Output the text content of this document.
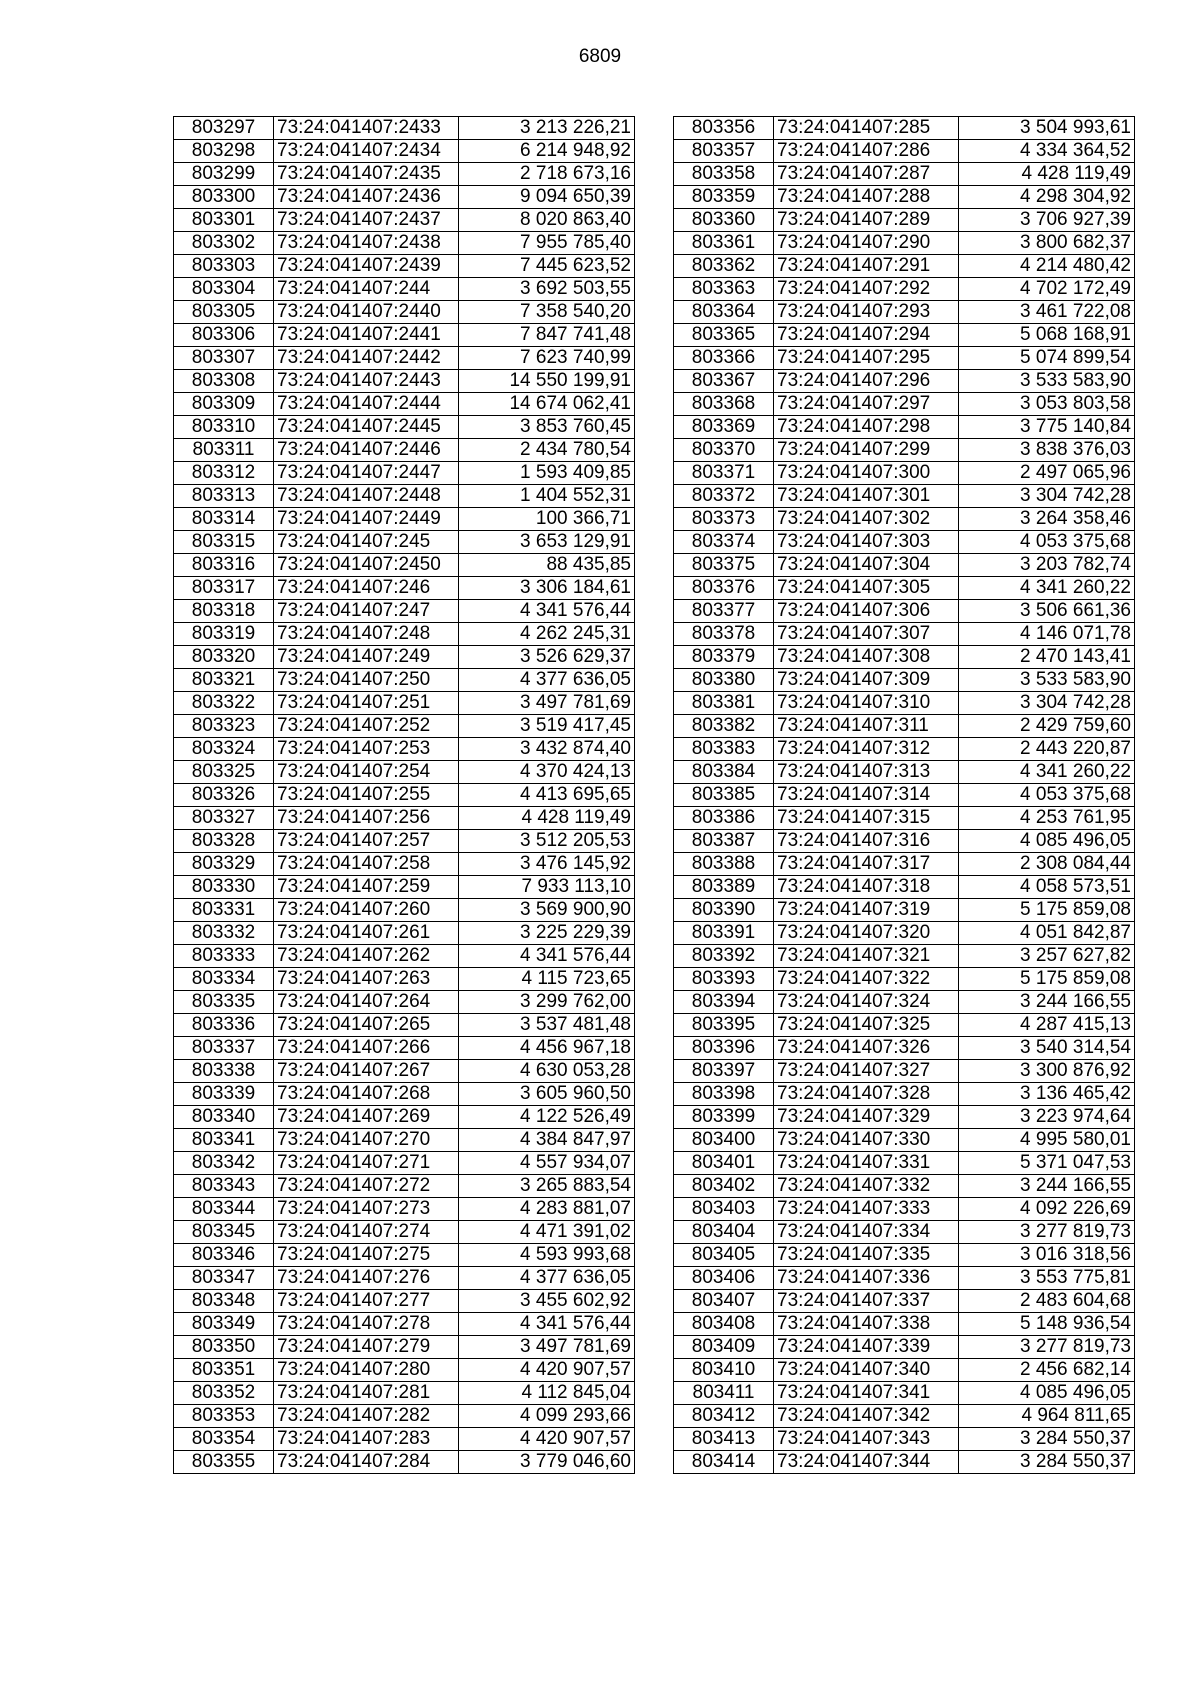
6809
803297	73:24:041407:2433	3 213 226,21
803298	73:24:041407:2434	6 214 948,92
803299	73:24:041407:2435	2 718 673,16
803300	73:24:041407:2436	9 094 650,39
803301	73:24:041407:2437	8 020 863,40
803302	73:24:041407:2438	7 955 785,40
803303	73:24:041407:2439	7 445 623,52
803304	73:24:041407:244	3 692 503,55
803305	73:24:041407:2440	7 358 540,20
803306	73:24:041407:2441	7 847 741,48
803307	73:24:041407:2442	7 623 740,99
803308	73:24:041407:2443	14 550 199,91
803309	73:24:041407:2444	14 674 062,41
803310	73:24:041407:2445	3 853 760,45
803311	73:24:041407:2446	2 434 780,54
803312	73:24:041407:2447	1 593 409,85
803313	73:24:041407:2448	1 404 552,31
803314	73:24:041407:2449	100 366,71
803315	73:24:041407:245	3 653 129,91
803316	73:24:041407:2450	88 435,85
803317	73:24:041407:246	3 306 184,61
803318	73:24:041407:247	4 341 576,44
803319	73:24:041407:248	4 262 245,31
803320	73:24:041407:249	3 526 629,37
803321	73:24:041407:250	4 377 636,05
803322	73:24:041407:251	3 497 781,69
803323	73:24:041407:252	3 519 417,45
803324	73:24:041407:253	3 432 874,40
803325	73:24:041407:254	4 370 424,13
803326	73:24:041407:255	4 413 695,65
803327	73:24:041407:256	4 428 119,49
803328	73:24:041407:257	3 512 205,53
803329	73:24:041407:258	3 476 145,92
803330	73:24:041407:259	7 933 113,10
803331	73:24:041407:260	3 569 900,90
803332	73:24:041407:261	3 225 229,39
803333	73:24:041407:262	4 341 576,44
803334	73:24:041407:263	4 115 723,65
803335	73:24:041407:264	3 299 762,00
803336	73:24:041407:265	3 537 481,48
803337	73:24:041407:266	4 456 967,18
803338	73:24:041407:267	4 630 053,28
803339	73:24:041407:268	3 605 960,50
803340	73:24:041407:269	4 122 526,49
803341	73:24:041407:270	4 384 847,97
803342	73:24:041407:271	4 557 934,07
803343	73:24:041407:272	3 265 883,54
803344	73:24:041407:273	4 283 881,07
803345	73:24:041407:274	4 471 391,02
803346	73:24:041407:275	4 593 993,68
803347	73:24:041407:276	4 377 636,05
803348	73:24:041407:277	3 455 602,92
803349	73:24:041407:278	4 341 576,44
803350	73:24:041407:279	3 497 781,69
803351	73:24:041407:280	4 420 907,57
803352	73:24:041407:281	4 112 845,04
803353	73:24:041407:282	4 099 293,66
803354	73:24:041407:283	4 420 907,57
803355	73:24:041407:284	3 779 046,60
803356	73:24:041407:285	3 504 993,61
803357	73:24:041407:286	4 334 364,52
803358	73:24:041407:287	4 428 119,49
803359	73:24:041407:288	4 298 304,92
803360	73:24:041407:289	3 706 927,39
803361	73:24:041407:290	3 800 682,37
803362	73:24:041407:291	4 214 480,42
803363	73:24:041407:292	4 702 172,49
803364	73:24:041407:293	3 461 722,08
803365	73:24:041407:294	5 068 168,91
803366	73:24:041407:295	5 074 899,54
803367	73:24:041407:296	3 533 583,90
803368	73:24:041407:297	3 053 803,58
803369	73:24:041407:298	3 775 140,84
803370	73:24:041407:299	3 838 376,03
803371	73:24:041407:300	2 497 065,96
803372	73:24:041407:301	3 304 742,28
803373	73:24:041407:302	3 264 358,46
803374	73:24:041407:303	4 053 375,68
803375	73:24:041407:304	3 203 782,74
803376	73:24:041407:305	4 341 260,22
803377	73:24:041407:306	3 506 661,36
803378	73:24:041407:307	4 146 071,78
803379	73:24:041407:308	2 470 143,41
803380	73:24:041407:309	3 533 583,90
803381	73:24:041407:310	3 304 742,28
803382	73:24:041407:311	2 429 759,60
803383	73:24:041407:312	2 443 220,87
803384	73:24:041407:313	4 341 260,22
803385	73:24:041407:314	4 053 375,68
803386	73:24:041407:315	4 253 761,95
803387	73:24:041407:316	4 085 496,05
803388	73:24:041407:317	2 308 084,44
803389	73:24:041407:318	4 058 573,51
803390	73:24:041407:319	5 175 859,08
803391	73:24:041407:320	4 051 842,87
803392	73:24:041407:321	3 257 627,82
803393	73:24:041407:322	5 175 859,08
803394	73:24:041407:324	3 244 166,55
803395	73:24:041407:325	4 287 415,13
803396	73:24:041407:326	3 540 314,54
803397	73:24:041407:327	3 300 876,92
803398	73:24:041407:328	3 136 465,42
803399	73:24:041407:329	3 223 974,64
803400	73:24:041407:330	4 995 580,01
803401	73:24:041407:331	5 371 047,53
803402	73:24:041407:332	3 244 166,55
803403	73:24:041407:333	4 092 226,69
803404	73:24:041407:334	3 277 819,73
803405	73:24:041407:335	3 016 318,56
803406	73:24:041407:336	3 553 775,81
803407	73:24:041407:337	2 483 604,68
803408	73:24:041407:338	5 148 936,54
803409	73:24:041407:339	3 277 819,73
803410	73:24:041407:340	2 456 682,14
803411	73:24:041407:341	4 085 496,05
803412	73:24:041407:342	4 964 811,65
803413	73:24:041407:343	3 284 550,37
803414	73:24:041407:344	3 284 550,37
